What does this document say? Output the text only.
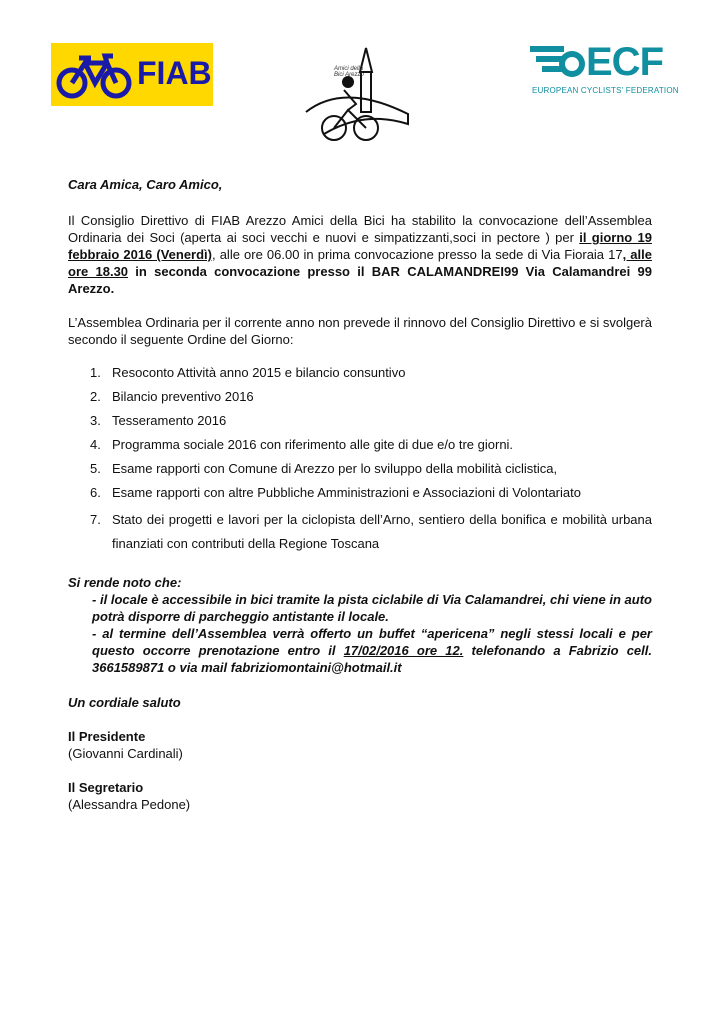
FIAB	Amici della Bici Arezzo	ECF
EUROPEAN CYCLISTS' FEDERATION

Cara Amica, Caro Amico,

Il Consiglio Direttivo di FIAB Arezzo Amici della Bici ha stabilito la convocazione dell’Assemblea Ordinaria dei Soci (aperta ai soci vecchi e nuovi e simpatizzanti,soci in pectore ) per il giorno 19 febbraio 2016 (Venerdì), alle ore 06.00 in prima convocazione presso la sede di Via Fioraia 17, alle ore 18.30 in seconda convocazione presso il BAR CALAMANDREI99 Via Calamandrei 99 Arezzo.

L’Assemblea Ordinaria per il corrente anno non prevede il rinnovo del Consiglio Direttivo e si svolgerà secondo il seguente Ordine del Giorno:

1. Resoconto Attività anno 2015 e bilancio consuntivo
2. Bilancio preventivo 2016
3. Tesseramento 2016
4. Programma sociale 2016 con riferimento alle gite di due e/o tre giorni.
5. Esame rapporti con Comune di Arezzo per lo sviluppo della mobilità ciclistica,
6. Esame rapporti con altre Pubbliche Amministrazioni e Associazioni di Volontariato
7. Stato dei progetti e lavori per la ciclopista dell’Arno, sentiero della bonifica e mobilità urbana finanziati con contributi della Regione Toscana

Si rende noto che:

- il locale è accessibile in bici tramite la pista ciclabile di Via Calamandrei, chi viene in auto potrà disporre di parcheggio antistante il locale.

- al termine dell’Assemblea verrà offerto un buffet “apericena” negli stessi locali e per questo occorre prenotazione entro il 17/02/2016 ore 12. telefonando a Fabrizio cell. 3661589871 o via mail fabriziomontaini@hotmail.it

Un cordiale saluto

Il Presidente

(Giovanni Cardinali)

Il Segretario

(Alessandra Pedone)
